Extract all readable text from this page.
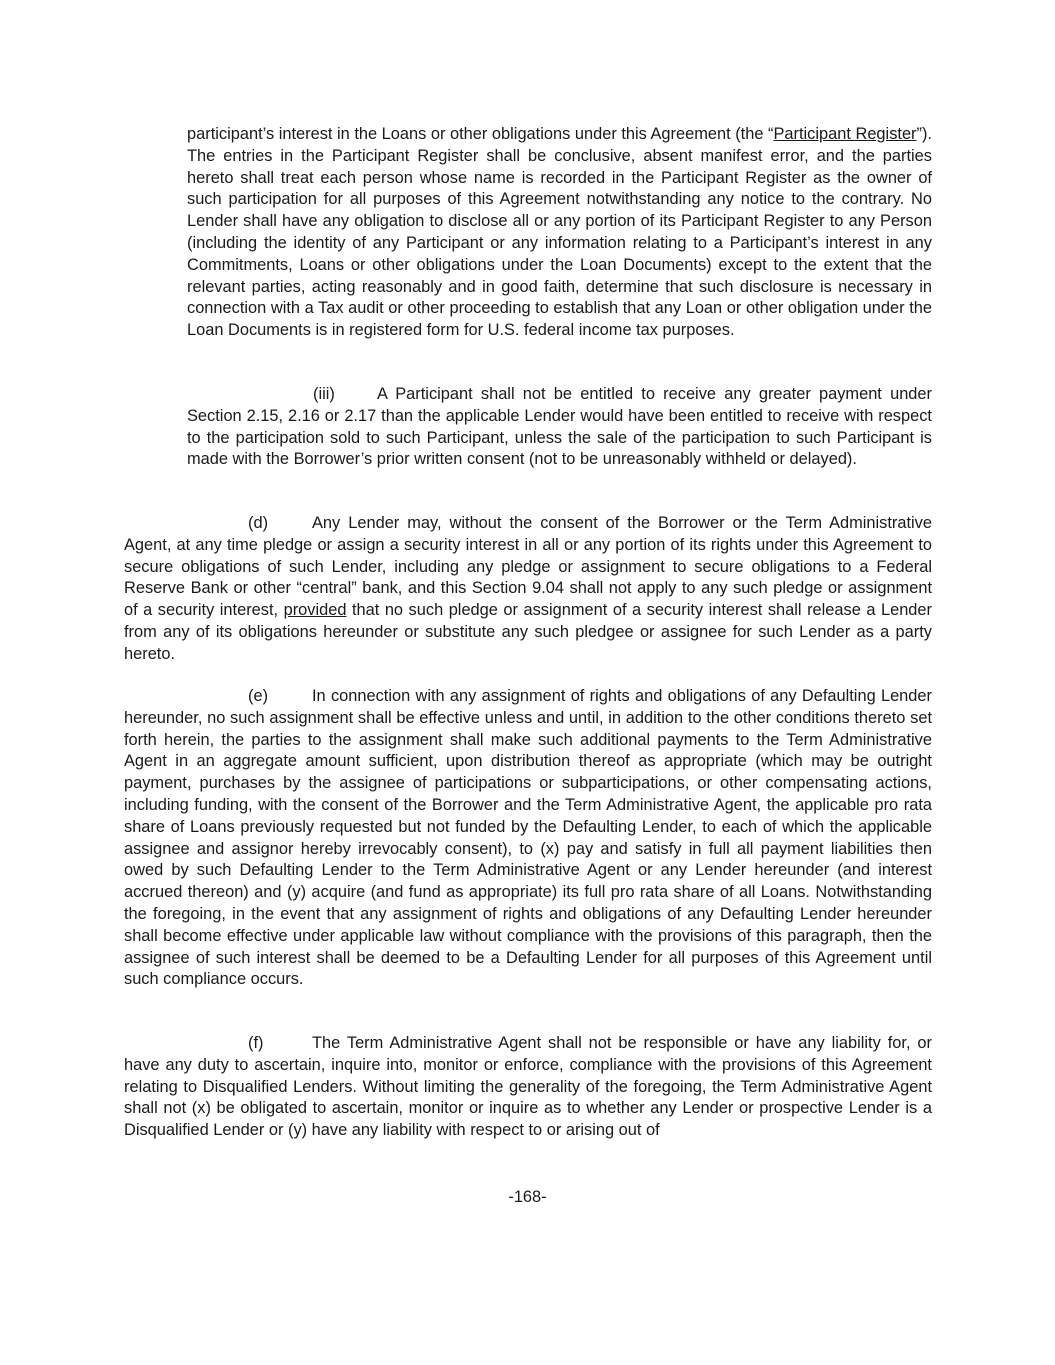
participant’s interest in the Loans or other obligations under this Agreement (the “Participant Register”). The entries in the Participant Register shall be conclusive, absent manifest error, and the parties hereto shall treat each person whose name is recorded in the Participant Register as the owner of such participation for all purposes of this Agreement notwithstanding any notice to the contrary. No Lender shall have any obligation to disclose all or any portion of its Participant Register to any Person (including the identity of any Participant or any information relating to a Participant’s interest in any Commitments, Loans or other obligations under the Loan Documents) except to the extent that the relevant parties, acting reasonably and in good faith, determine that such disclosure is necessary in connection with a Tax audit or other proceeding to establish that any Loan or other obligation under the Loan Documents is in registered form for U.S. federal income tax purposes.

(iii)	A Participant shall not be entitled to receive any greater payment under Section 2.15, 2.16 or 2.17 than the applicable Lender would have been entitled to receive with respect to the participation sold to such Participant, unless the sale of the participation to such Participant is made with the Borrower’s prior written consent (not to be unreasonably withheld or delayed).

(d)	Any Lender may, without the consent of the Borrower or the Term Administrative Agent, at any time pledge or assign a security interest in all or any portion of its rights under this Agreement to secure obligations of such Lender, including any pledge or assignment to secure obligations to a Federal Reserve Bank or other “central” bank, and this Section 9.04 shall not apply to any such pledge or assignment of a security interest, provided that no such pledge or assignment of a security interest shall release a Lender from any of its obligations hereunder or substitute any such pledgee or assignee for such Lender as a party hereto.

(e)	In connection with any assignment of rights and obligations of any Defaulting Lender hereunder, no such assignment shall be effective unless and until, in addition to the other conditions thereto set forth herein, the parties to the assignment shall make such additional payments to the Term Administrative Agent in an aggregate amount sufficient, upon distribution thereof as appropriate (which may be outright payment, purchases by the assignee of participations or subparticipations, or other compensating actions, including funding, with the consent of the Borrower and the Term Administrative Agent, the applicable pro rata share of Loans previously requested but not funded by the Defaulting Lender, to each of which the applicable assignee and assignor hereby irrevocably consent), to (x) pay and satisfy in full all payment liabilities then owed by such Defaulting Lender to the Term Administrative Agent or any Lender hereunder (and interest accrued thereon) and (y) acquire (and fund as appropriate) its full pro rata share of all Loans. Notwithstanding the foregoing, in the event that any assignment of rights and obligations of any Defaulting Lender hereunder shall become effective under applicable law without compliance with the provisions of this paragraph, then the assignee of such interest shall be deemed to be a Defaulting Lender for all purposes of this Agreement until such compliance occurs.

(f)	The Term Administrative Agent shall not be responsible or have any liability for, or have any duty to ascertain, inquire into, monitor or enforce, compliance with the provisions of this Agreement relating to Disqualified Lenders. Without limiting the generality of the foregoing, the Term Administrative Agent shall not (x) be obligated to ascertain, monitor or inquire as to whether any Lender or prospective Lender is a Disqualified Lender or (y) have any liability with respect to or arising out of

-168-
